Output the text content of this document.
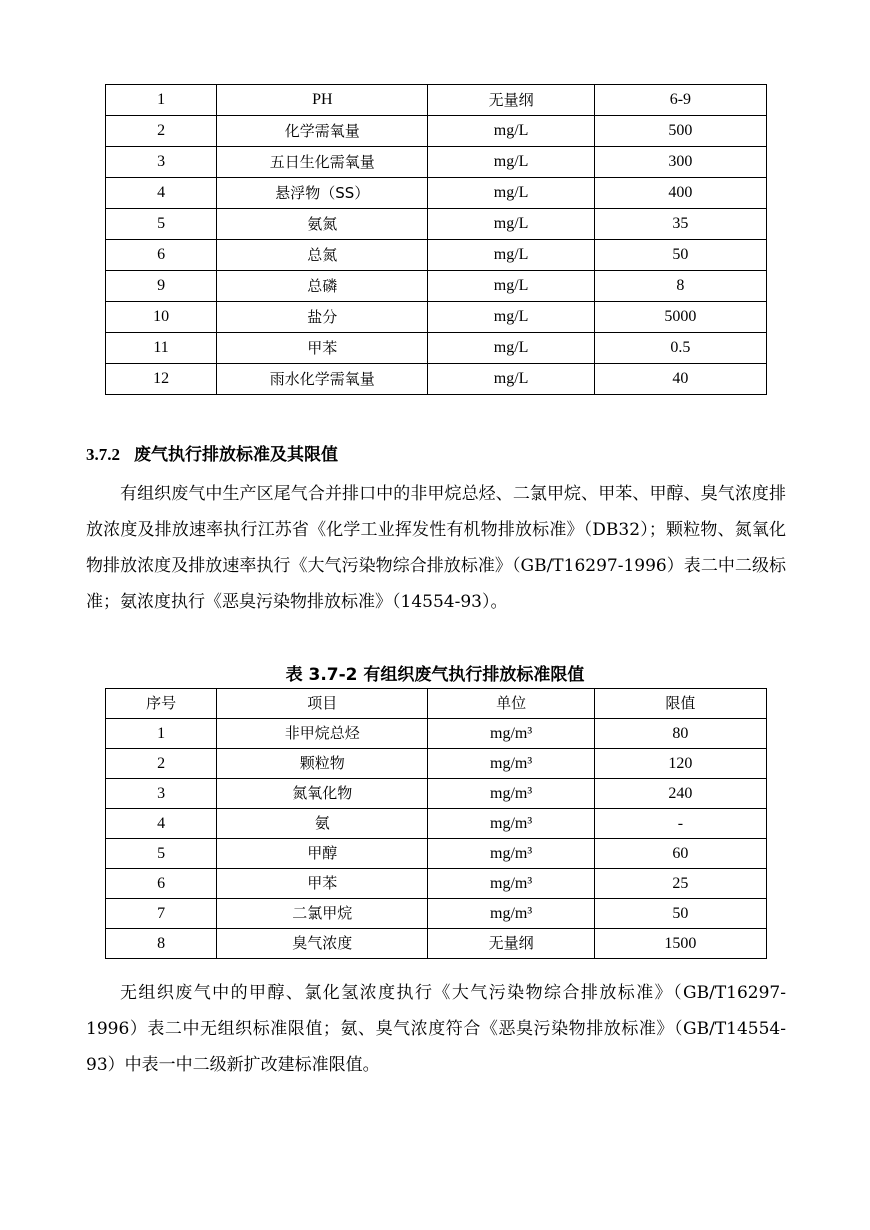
1	PH	无量纲	6-9
2	化学需氧量	mg/L	500
3	五日生化需氧量	mg/L	300
4	悬浮物（SS）	mg/L	400
5	氨氮	mg/L	35
6	总氮	mg/L	50
9	总磷	mg/L	8
10	盐分	mg/L	5000
11	甲苯	mg/L	0.5
12	雨水化学需氧量	mg/L	40
3.7.2 废气执行排放标准及其限值

有组织废气中生产区尾气合并排口中的非甲烷总烃、二氯甲烷、甲苯、甲醇、臭气浓度排放浓度及排放速率执行江苏省《化学工业挥发性有机物排放标准》（DB32）；颗粒物、氮氧化物排放浓度及排放速率执行《大气污染物综合排放标准》（GB/T16297-1996）表二中二级标准；氨浓度执行《恶臭污染物排放标准》（14554-93）。

表 3.7-2 有组织废气执行排放标准限值
序号	项目	单位	限值
1	非甲烷总烃	mg/m³	80
2	颗粒物	mg/m³	120
3	氮氧化物	mg/m³	240
4	氨	mg/m³	-
5	甲醇	mg/m³	60
6	甲苯	mg/m³	25
7	二氯甲烷	mg/m³	50
8	臭气浓度	无量纲	1500

无组织废气中的甲醇、氯化氢浓度执行《大气污染物综合排放标准》（GB/T16297-1996）表二中无组织标准限值；氨、臭气浓度符合《恶臭污染物排放标准》（GB/T14554-93）中表一中二级新扩改建标准限值。
